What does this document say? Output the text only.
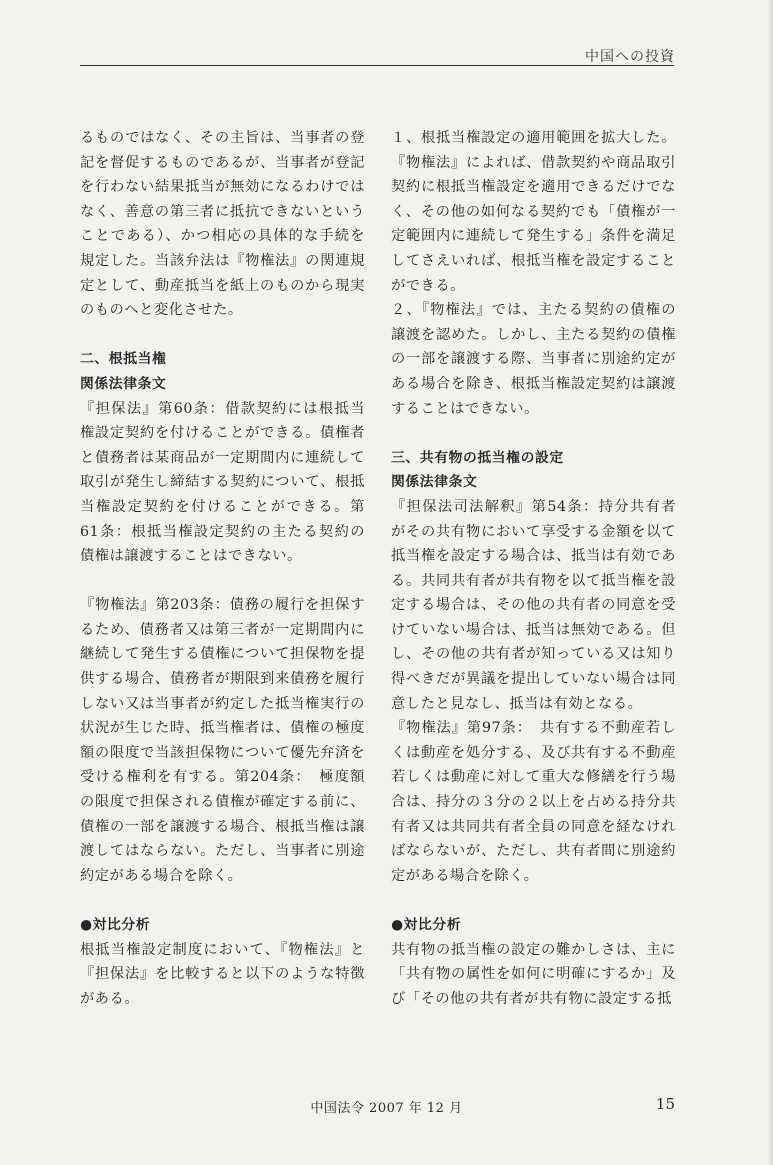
中国への投資

るものではなく、その主旨は、当事者の登記を督促するものであるが、当事者が登記を行わない結果抵当が無効になるわけではなく、善意の第三者に抵抗できないということである）、かつ相応の具体的な手続を規定した。当該弁法は『物権法』の関連規定として、動産抵当を紙上のものから現実のものへと変化させた。

二、根抵当権

関係法律条文

『担保法』第60条：借款契約には根抵当権設定契約を付けることができる。債権者と債務者は某商品が一定期間内に連続して取引が発生し締結する契約について、根抵当権設定契約を付けることができる。第61条：根抵当権設定契約の主たる契約の債権は譲渡することはできない。

『物権法』第203条：債務の履行を担保するため、債務者又は第三者が一定期間内に継続して発生する債権について担保物を提供する場合、債務者が期限到来債務を履行しない又は当事者が約定した抵当権実行の状況が生じた時、抵当権者は、債権の極度額の限度で当該担保物について優先弁済を受ける権利を有する。第204条：　極度額の限度で担保される債権が確定する前に、債権の一部を譲渡する場合、根抵当権は譲渡してはならない。ただし、当事者に別途約定がある場合を除く。

●対比分析

根抵当権設定制度において、『物権法』と『担保法』を比較すると以下のような特徴がある。

１、根抵当権設定の適用範囲を拡大した。『物権法』によれば、借款契約や商品取引契約に根抵当権設定を適用できるだけでなく、その他の如何なる契約でも「債権が一定範囲内に連続して発生する」条件を満足してさえいれば、根抵当権を設定することができる。

２、『物権法』では、主たる契約の債権の譲渡を認めた。しかし、主たる契約の債権の一部を譲渡する際、当事者に別途約定がある場合を除き、根抵当権設定契約は譲渡することはできない。

三、共有物の抵当権の設定

関係法律条文

『担保法司法解釈』第54条：持分共有者がその共有物において享受する金額を以て抵当権を設定する場合は、抵当は有効である。共同共有者が共有物を以て抵当権を設定する場合は、その他の共有者の同意を受けていない場合は、抵当は無効である。但し、その他の共有者が知っている又は知り得べきだが異議を提出していない場合は同意したと見なし、抵当は有効となる。

『物権法』第97条：　共有する不動産若しくは動産を処分する、及び共有する不動産若しくは動産に対して重大な修繕を行う場合は、持分の３分の２以上を占める持分共有者又は共同共有者全員の同意を経なければならないが、ただし、共有者間に別途約定がある場合を除く。

●対比分析

共有物の抵当権の設定の難かしさは、主に「共有物の属性を如何に明確にするか」及び「その他の共有者が共有物に設定する抵

中国法令 2007 年 12 月	15
